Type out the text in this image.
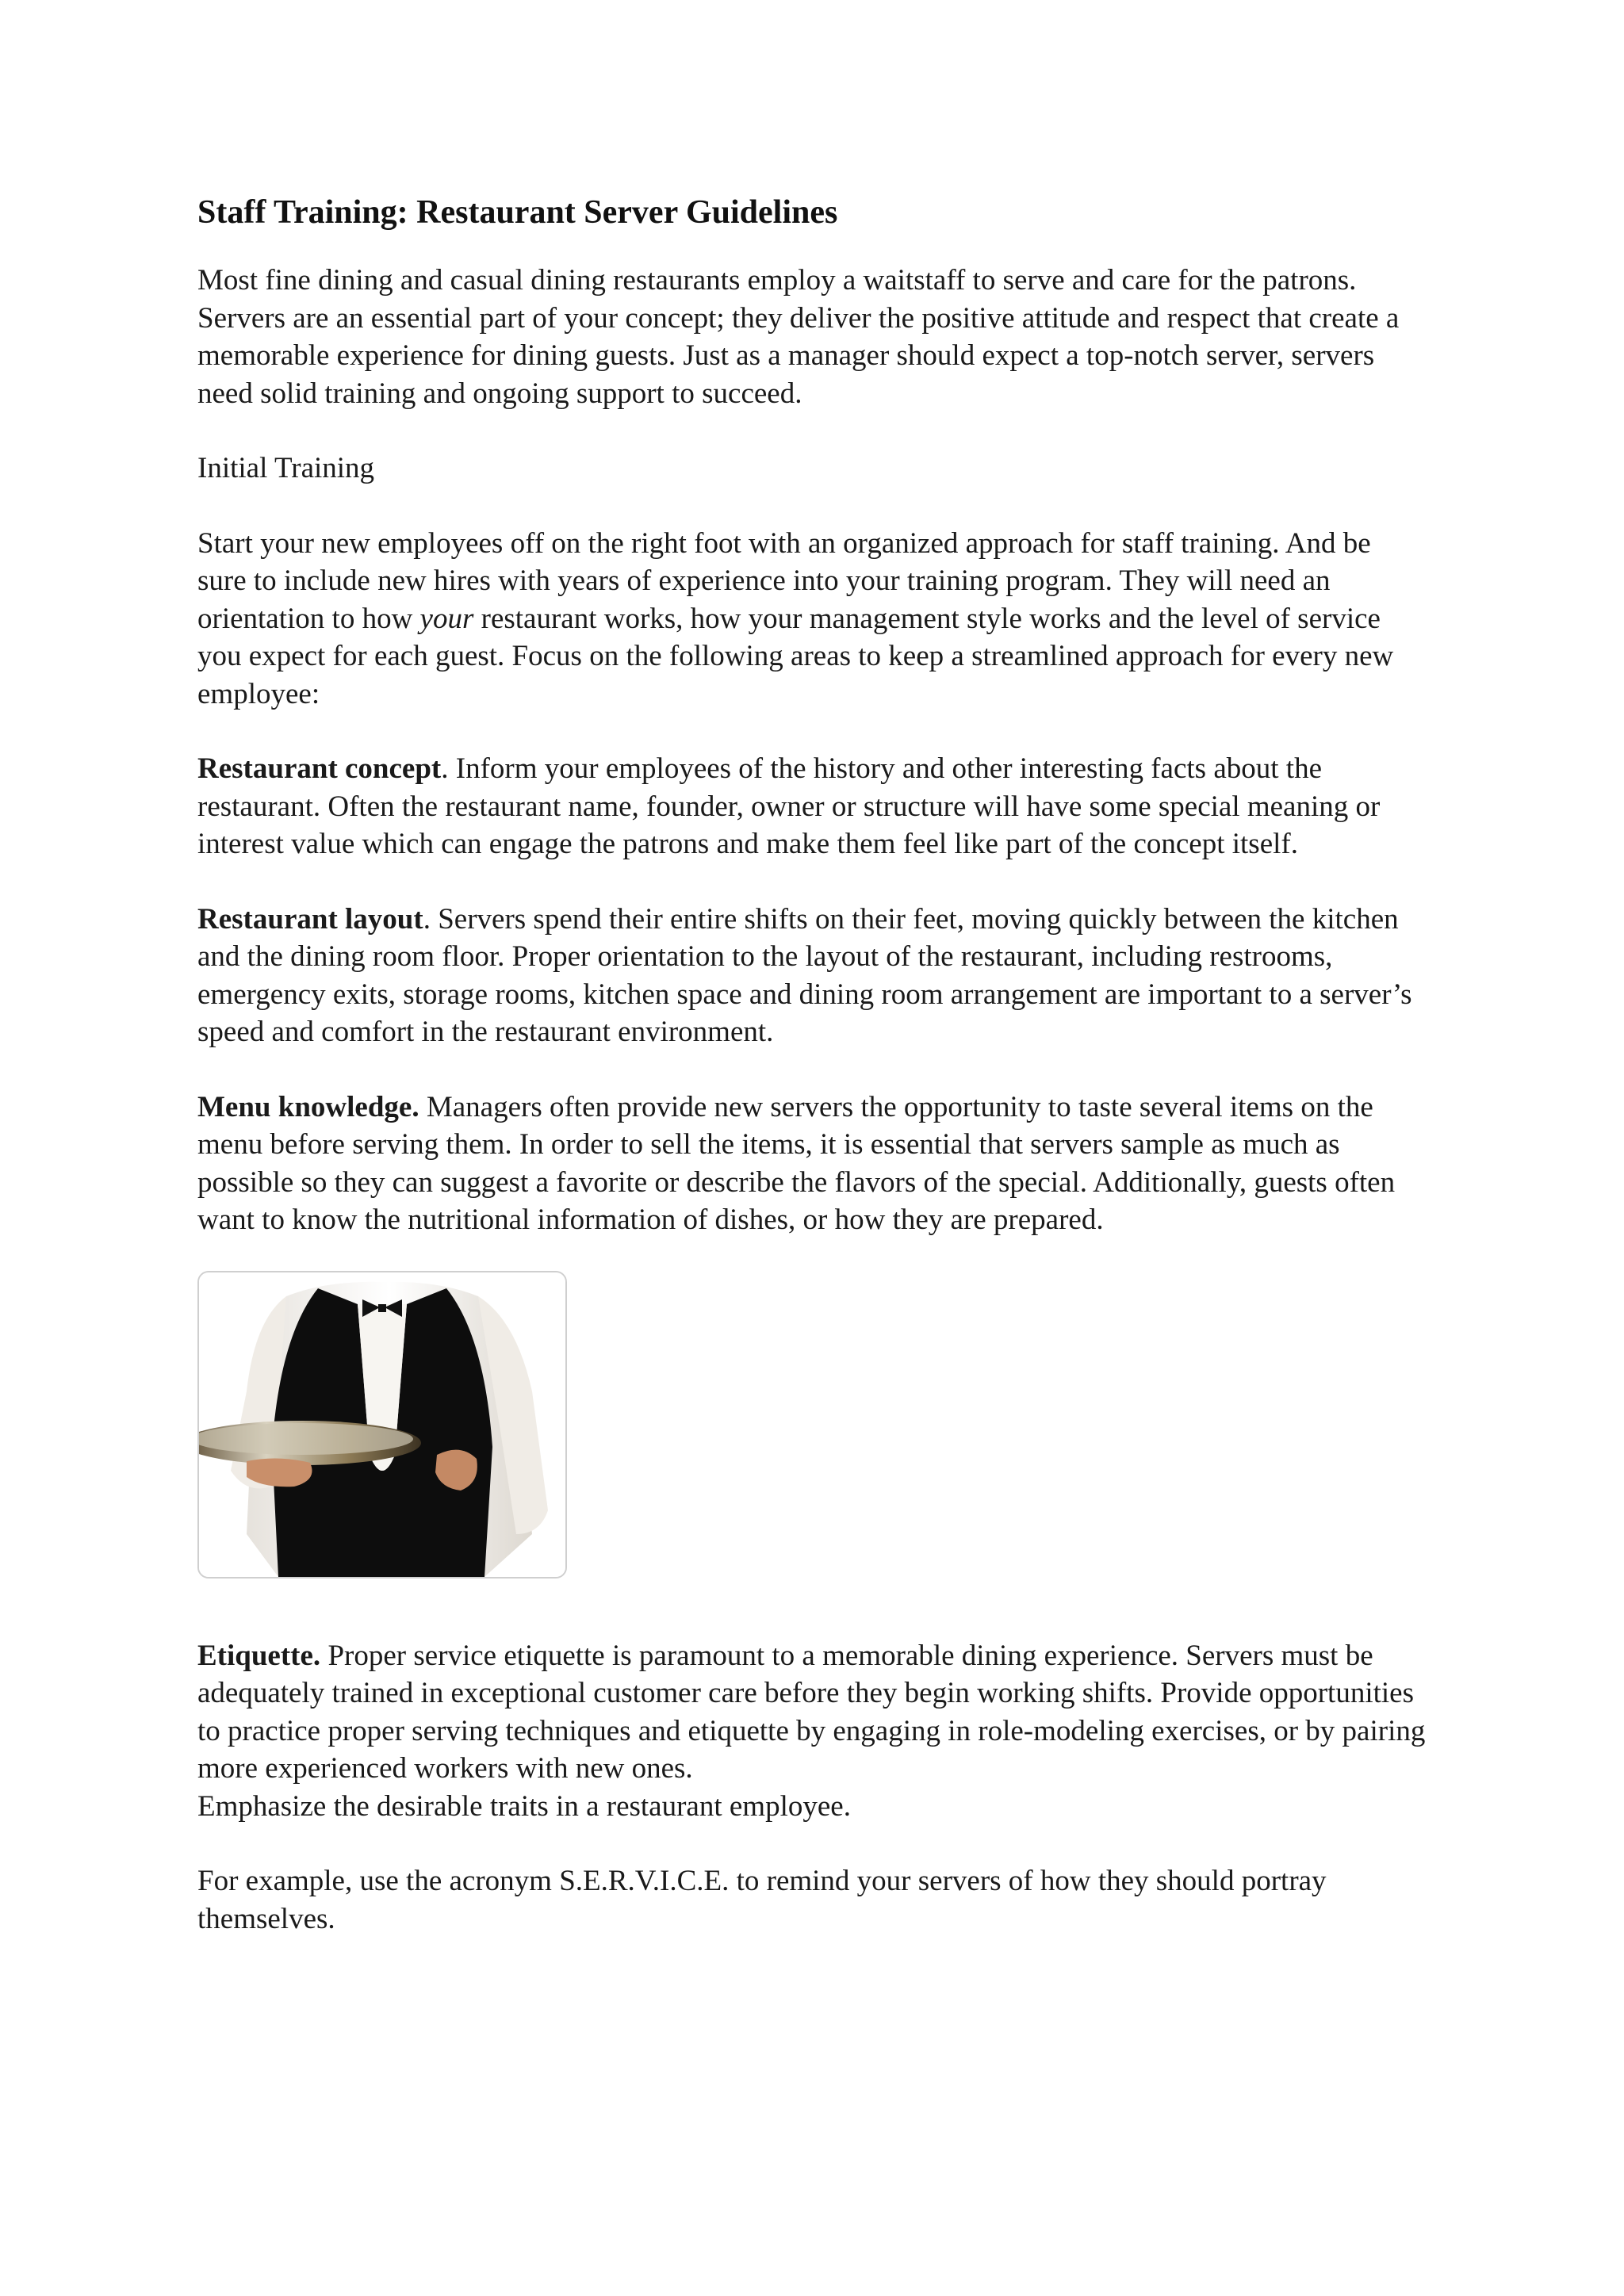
Staff Training: Restaurant Server Guidelines

Most fine dining and casual dining restaurants employ a waitstaff to serve and care for the patrons. Servers are an essential part of your concept; they deliver the positive attitude and respect that create a memorable experience for dining guests. Just as a manager should expect a top-notch server, servers need solid training and ongoing support to succeed.

Initial Training

Start your new employees off on the right foot with an organized approach for staff training. And be sure to include new hires with years of experience into your training program. They will need an orientation to how your restaurant works, how your management style works and the level of service you expect for each guest. Focus on the following areas to keep a streamlined approach for every new employee:

Restaurant concept. Inform your employees of the history and other interesting facts about the restaurant. Often the restaurant name, founder, owner or structure will have some special meaning or interest value which can engage the patrons and make them feel like part of the concept itself.

Restaurant layout. Servers spend their entire shifts on their feet, moving quickly between the kitchen and the dining room floor. Proper orientation to the layout of the restaurant, including restrooms, emergency exits, storage rooms, kitchen space and dining room arrangement are important to a server’s speed and comfort in the restaurant environment.

Menu knowledge. Managers often provide new servers the opportunity to taste several items on the menu before serving them. In order to sell the items, it is essential that servers sample as much as possible so they can suggest a favorite or describe the flavors of the special. Additionally, guests often want to know the nutritional information of dishes, or how they are prepared.

Etiquette. Proper service etiquette is paramount to a memorable dining experience. Servers must be adequately trained in exceptional customer care before they begin working shifts. Provide opportunities to practice proper serving techniques and etiquette by engaging in role-modeling exercises, or by pairing more experienced workers with new ones.

Emphasize the desirable traits in a restaurant employee.

For example, use the acronym S.E.R.V.I.C.E. to remind your servers of how they should portray themselves.
